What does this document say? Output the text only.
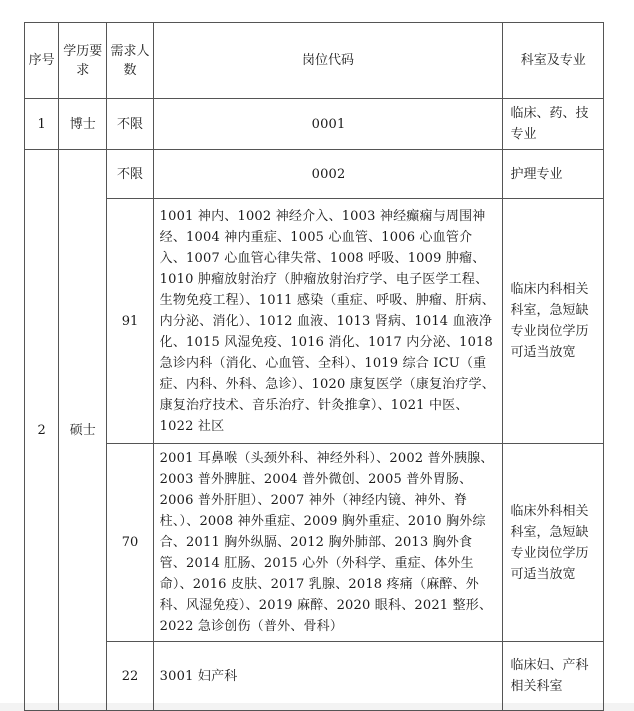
序号	学历要求	需求人数	岗位代码	科室及专业
1	博士	不限	0001	临床、药、技专业
2	硕士	不限	0002	护理专业
		91	1001 神内、1002 神经介入、1003 神经癫痫与周围神经、1004 神内重症、1005 心血管、1006 心血管介入、1007 心血管心律失常、1008 呼吸、1009 肿瘤、1010 肿瘤放射治疗（肿瘤放射治疗学、电子医学工程、生物免疫工程）、1011 感染（重症、呼吸、肿瘤、肝病、内分泌、消化）、1012 血液、1013 肾病、1014 血液净化、1015 风湿免疫、1016 消化、1017 内分泌、1018 急诊内科（消化、心血管、全科）、1019 综合 ICU（重症、内科、外科、急诊）、1020 康复医学（康复治疗学、康复治疗技术、音乐治疗、针灸推拿）、1021 中医、1022 社区	临床内科相关科室，急短缺专业岗位学历可适当放宽
		70	2001 耳鼻喉（头颈外科、神经外科）、2002 普外胰腺、2003 普外脾脏、2004 普外微创、2005 普外胃肠、2006 普外肝胆）、2007 神外（神经内镜、神外、脊柱、）、2008 神外重症、2009 胸外重症、2010 胸外综合、2011 胸外纵膈、2012 胸外肺部、2013 胸外食管、2014 肛肠、2015 心外（外科学、重症、体外生命）、2016 皮肤、2017 乳腺、2018 疼痛（麻醉、外科、风湿免疫）、2019 麻醉、2020 眼科、2021 整形、2022 急诊创伤（普外、骨科）	临床外科相关科室，急短缺专业岗位学历可适当放宽
		22	3001 妇产科	临床妇、产科相关科室
